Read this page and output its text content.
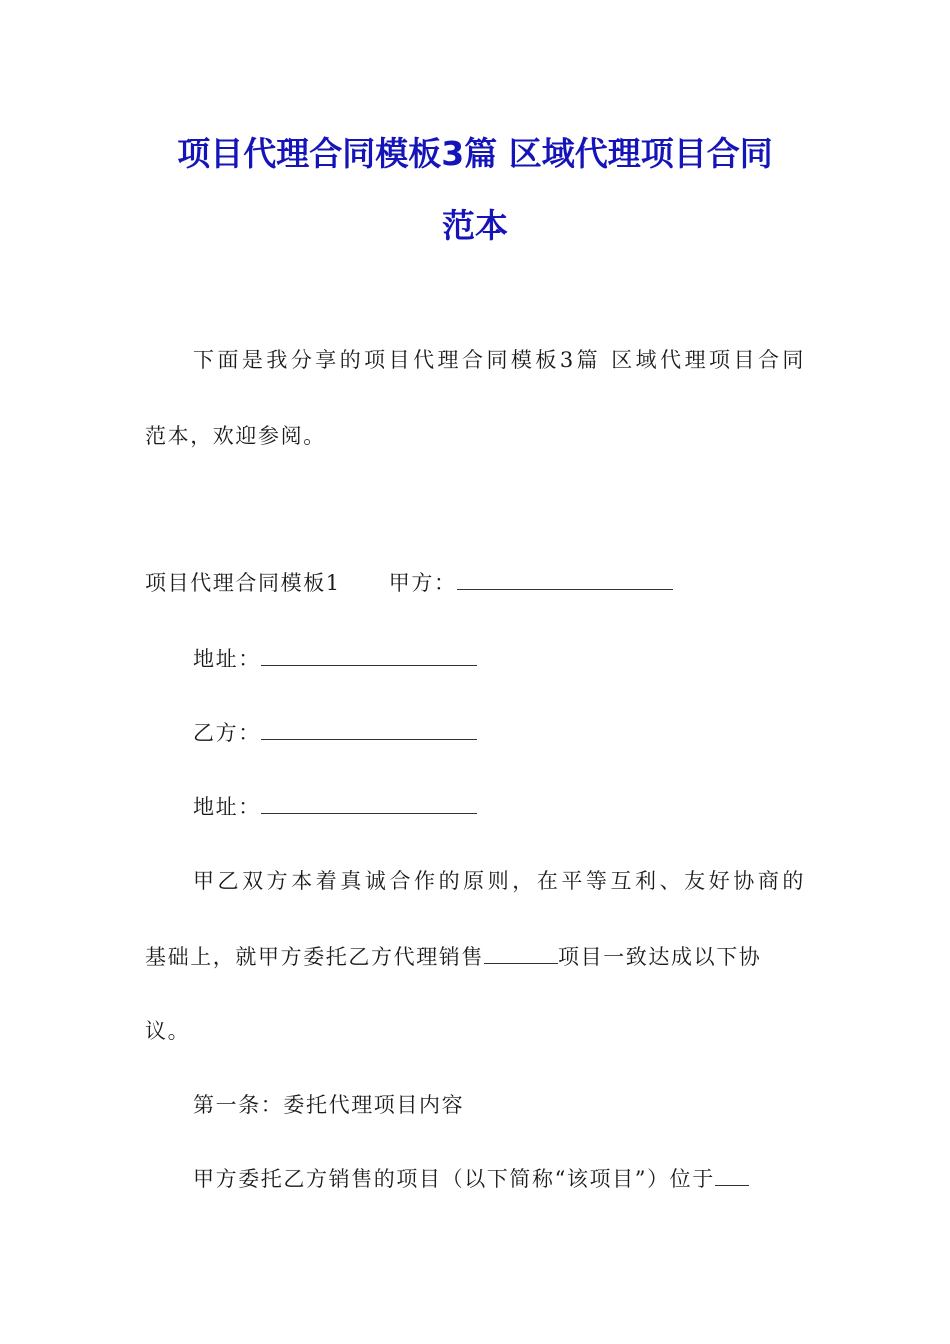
项目代理合同模板3篇 区域代理项目合同
范本

下面是我分享的项目代理合同模板3篇 区域代理项目合同

范本，欢迎参阅。

项目代理合同模板1 甲方：

地址：

乙方：

地址：

甲乙双方本着真诚合作的原则，在平等互利、友好协商的

基础上，就甲方委托乙方代理销售	项目一致达成以下协

议。

第一条：委托代理项目内容

甲方委托乙方销售的项目（以下简称“该项目”）位于
